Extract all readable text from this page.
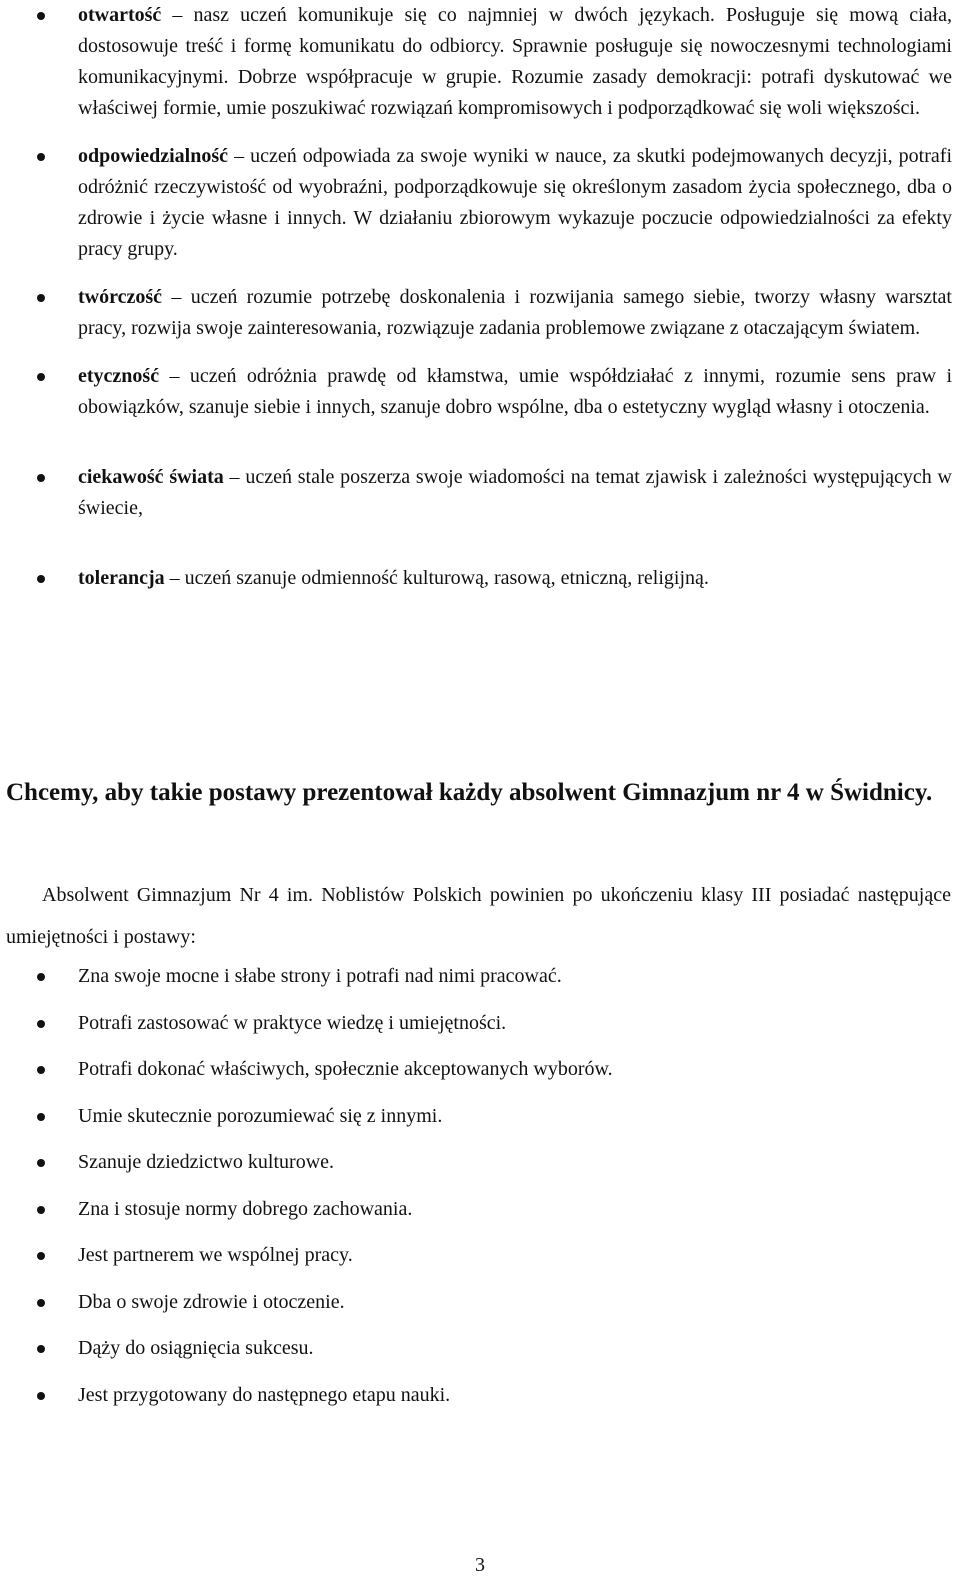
otwartość – nasz uczeń komunikuje się co najmniej w dwóch językach. Posługuje się mową ciała, dostosowuje treść i formę komunikatu do odbiorcy. Sprawnie posługuje się nowoczesnymi technologiami komunikacyjnymi. Dobrze współpracuje w grupie. Rozumie zasady demokracji: potrafi dyskutować we właściwej formie, umie poszukiwać rozwiązań kompromisowych i podporządkować się woli większości.
odpowiedzialność – uczeń odpowiada za swoje wyniki w nauce, za skutki podejmowanych decyzji, potrafi odróżnić rzeczywistość od wyobraźni, podporządkowuje się określonym zasadom życia społecznego, dba o zdrowie i życie własne i innych. W działaniu zbiorowym wykazuje poczucie odpowiedzialności za efekty pracy grupy.
twórczość – uczeń rozumie potrzebę doskonalenia i rozwijania samego siebie, tworzy własny warsztat pracy, rozwija swoje zainteresowania, rozwiązuje zadania problemowe związane z otaczającym światem.
etyczność – uczeń odróżnia prawdę od kłamstwa, umie współdziałać z innymi, rozumie sens praw i obowiązków, szanuje siebie i innych, szanuje dobro wspólne, dba o estetyczny wygląd własny i otoczenia.
ciekawość świata – uczeń stale poszerza swoje wiadomości na temat zjawisk i zależności występujących w świecie,
tolerancja – uczeń szanuje odmienność kulturową, rasową, etniczną, religijną.
Chcemy, aby takie postawy prezentował każdy absolwent Gimnazjum nr 4 w Świdnicy.

Absolwent Gimnazjum Nr 4 im. Noblistów Polskich powinien po ukończeniu klasy III posiadać następujące umiejętności i postawy:

Zna swoje mocne i słabe strony i potrafi nad nimi pracować.
Potrafi zastosować w praktyce wiedzę i umiejętności.
Potrafi dokonać właściwych, społecznie akceptowanych wyborów.
Umie skutecznie porozumiewać się z innymi.
Szanuje dziedzictwo kulturowe.
Zna i stosuje normy dobrego zachowania.
Jest partnerem we wspólnej pracy.
Dba o swoje zdrowie i otoczenie.
Dąży do osiągnięcia sukcesu.
Jest przygotowany do następnego etapu nauki.
3
